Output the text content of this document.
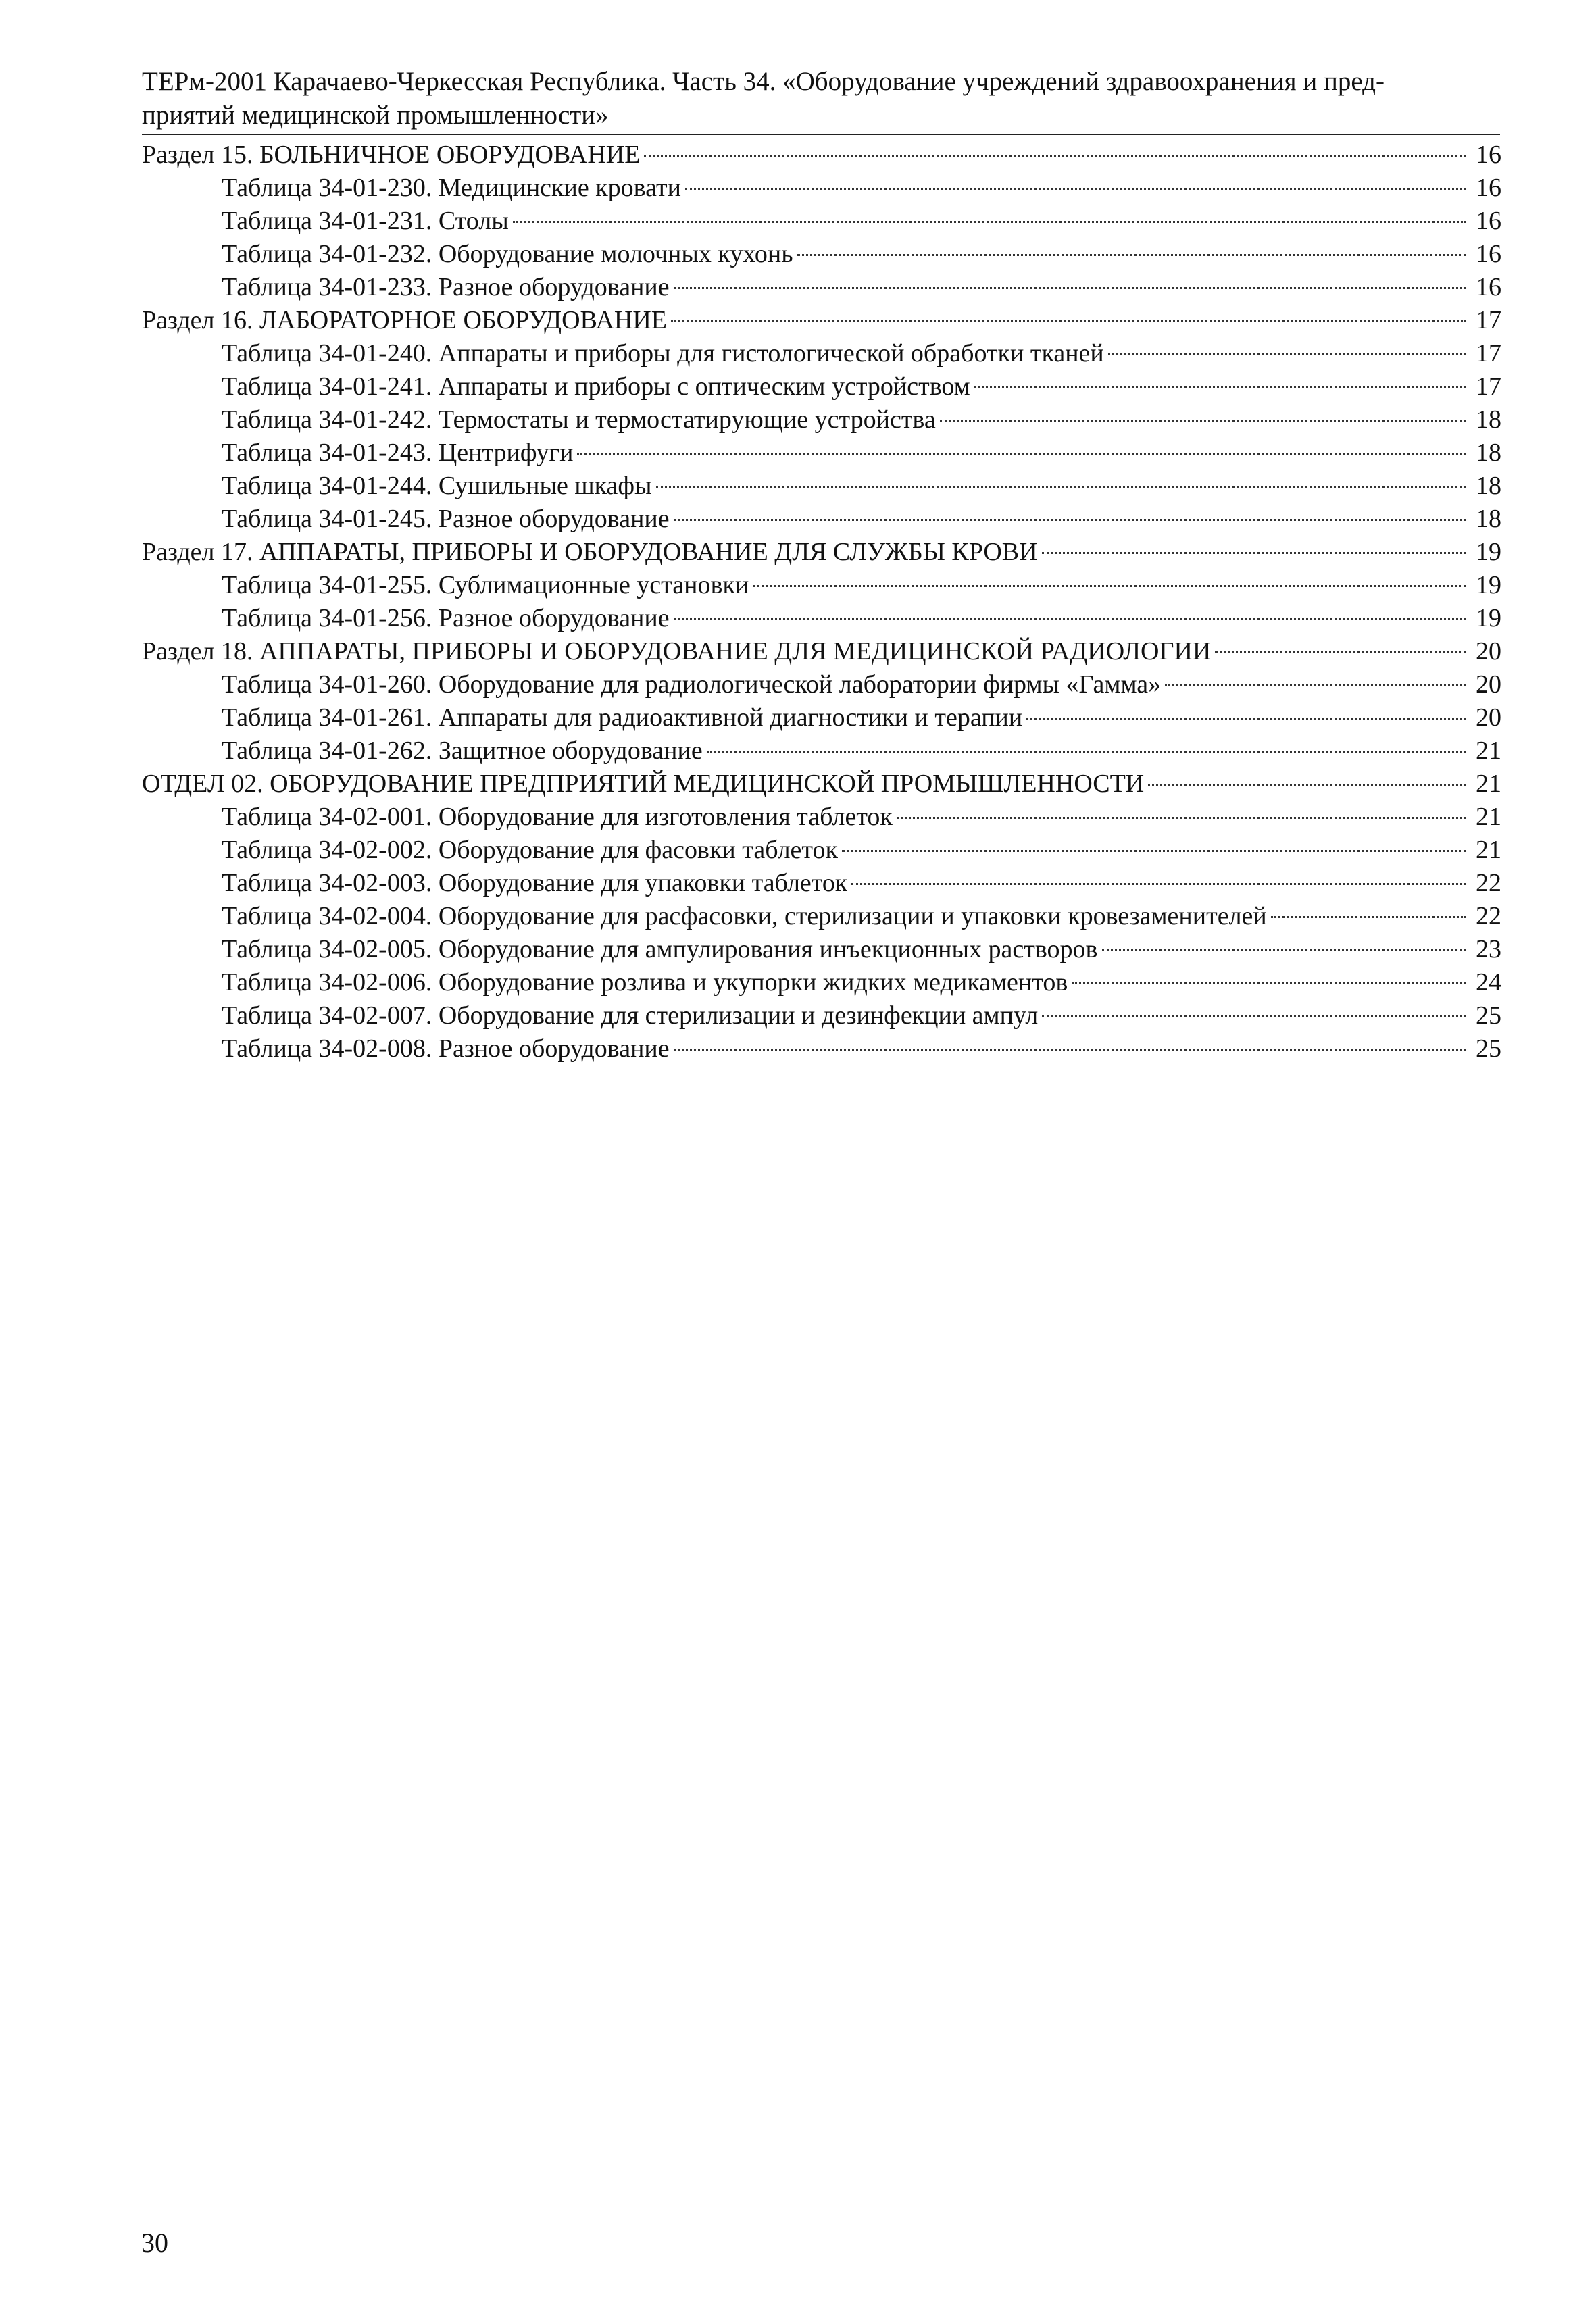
ТЕРм-2001 Карачаево-Черкесская Республика. Часть 34. «Оборудование учреждений здравоохранения и пред-

приятий медицинской промышленности»
Раздел 15. БОЛЬНИЧНОЕ ОБОРУДОВАНИЕ	16
Таблица 34-01-230. Медицинские кровати	16
Таблица 34-01-231. Столы	16
Таблица 34-01-232. Оборудование молочных кухонь	16
Таблица 34-01-233. Разное оборудование	16
Раздел 16. ЛАБОРАТОРНОЕ ОБОРУДОВАНИЕ	17
Таблица 34-01-240. Аппараты и приборы для гистологической обработки тканей	17
Таблица 34-01-241. Аппараты и приборы с оптическим устройством	17
Таблица 34-01-242. Термостаты и термостатирующие устройства	18
Таблица 34-01-243. Центрифуги	18
Таблица 34-01-244. Сушильные шкафы	18
Таблица 34-01-245. Разное оборудование	18
Раздел 17. АППАРАТЫ, ПРИБОРЫ И ОБОРУДОВАНИЕ ДЛЯ СЛУЖБЫ КРОВИ	19
Таблица 34-01-255. Сублимационные установки	19
Таблица 34-01-256. Разное оборудование	19
Раздел 18. АППАРАТЫ, ПРИБОРЫ И ОБОРУДОВАНИЕ ДЛЯ МЕДИЦИНСКОЙ РАДИОЛОГИИ	20
Таблица 34-01-260. Оборудование для радиологической лаборатории фирмы «Гамма»	20
Таблица 34-01-261. Аппараты для радиоактивной диагностики и терапии	20
Таблица 34-01-262. Защитное оборудование	21
ОТДЕЛ 02. ОБОРУДОВАНИЕ ПРЕДПРИЯТИЙ МЕДИЦИНСКОЙ ПРОМЫШЛЕННОСТИ	21
Таблица 34-02-001. Оборудование для изготовления таблеток	21
Таблица 34-02-002. Оборудование для фасовки таблеток	21
Таблица 34-02-003. Оборудование для упаковки таблеток	22
Таблица 34-02-004. Оборудование для расфасовки, стерилизации и упаковки кровезаменителей	22
Таблица 34-02-005. Оборудование для ампулирования инъекционных растворов	23
Таблица 34-02-006. Оборудование розлива и укупорки жидких медикаментов	24
Таблица 34-02-007. Оборудование для стерилизации и дезинфекции ампул	25
Таблица 34-02-008. Разное оборудование	25
30
